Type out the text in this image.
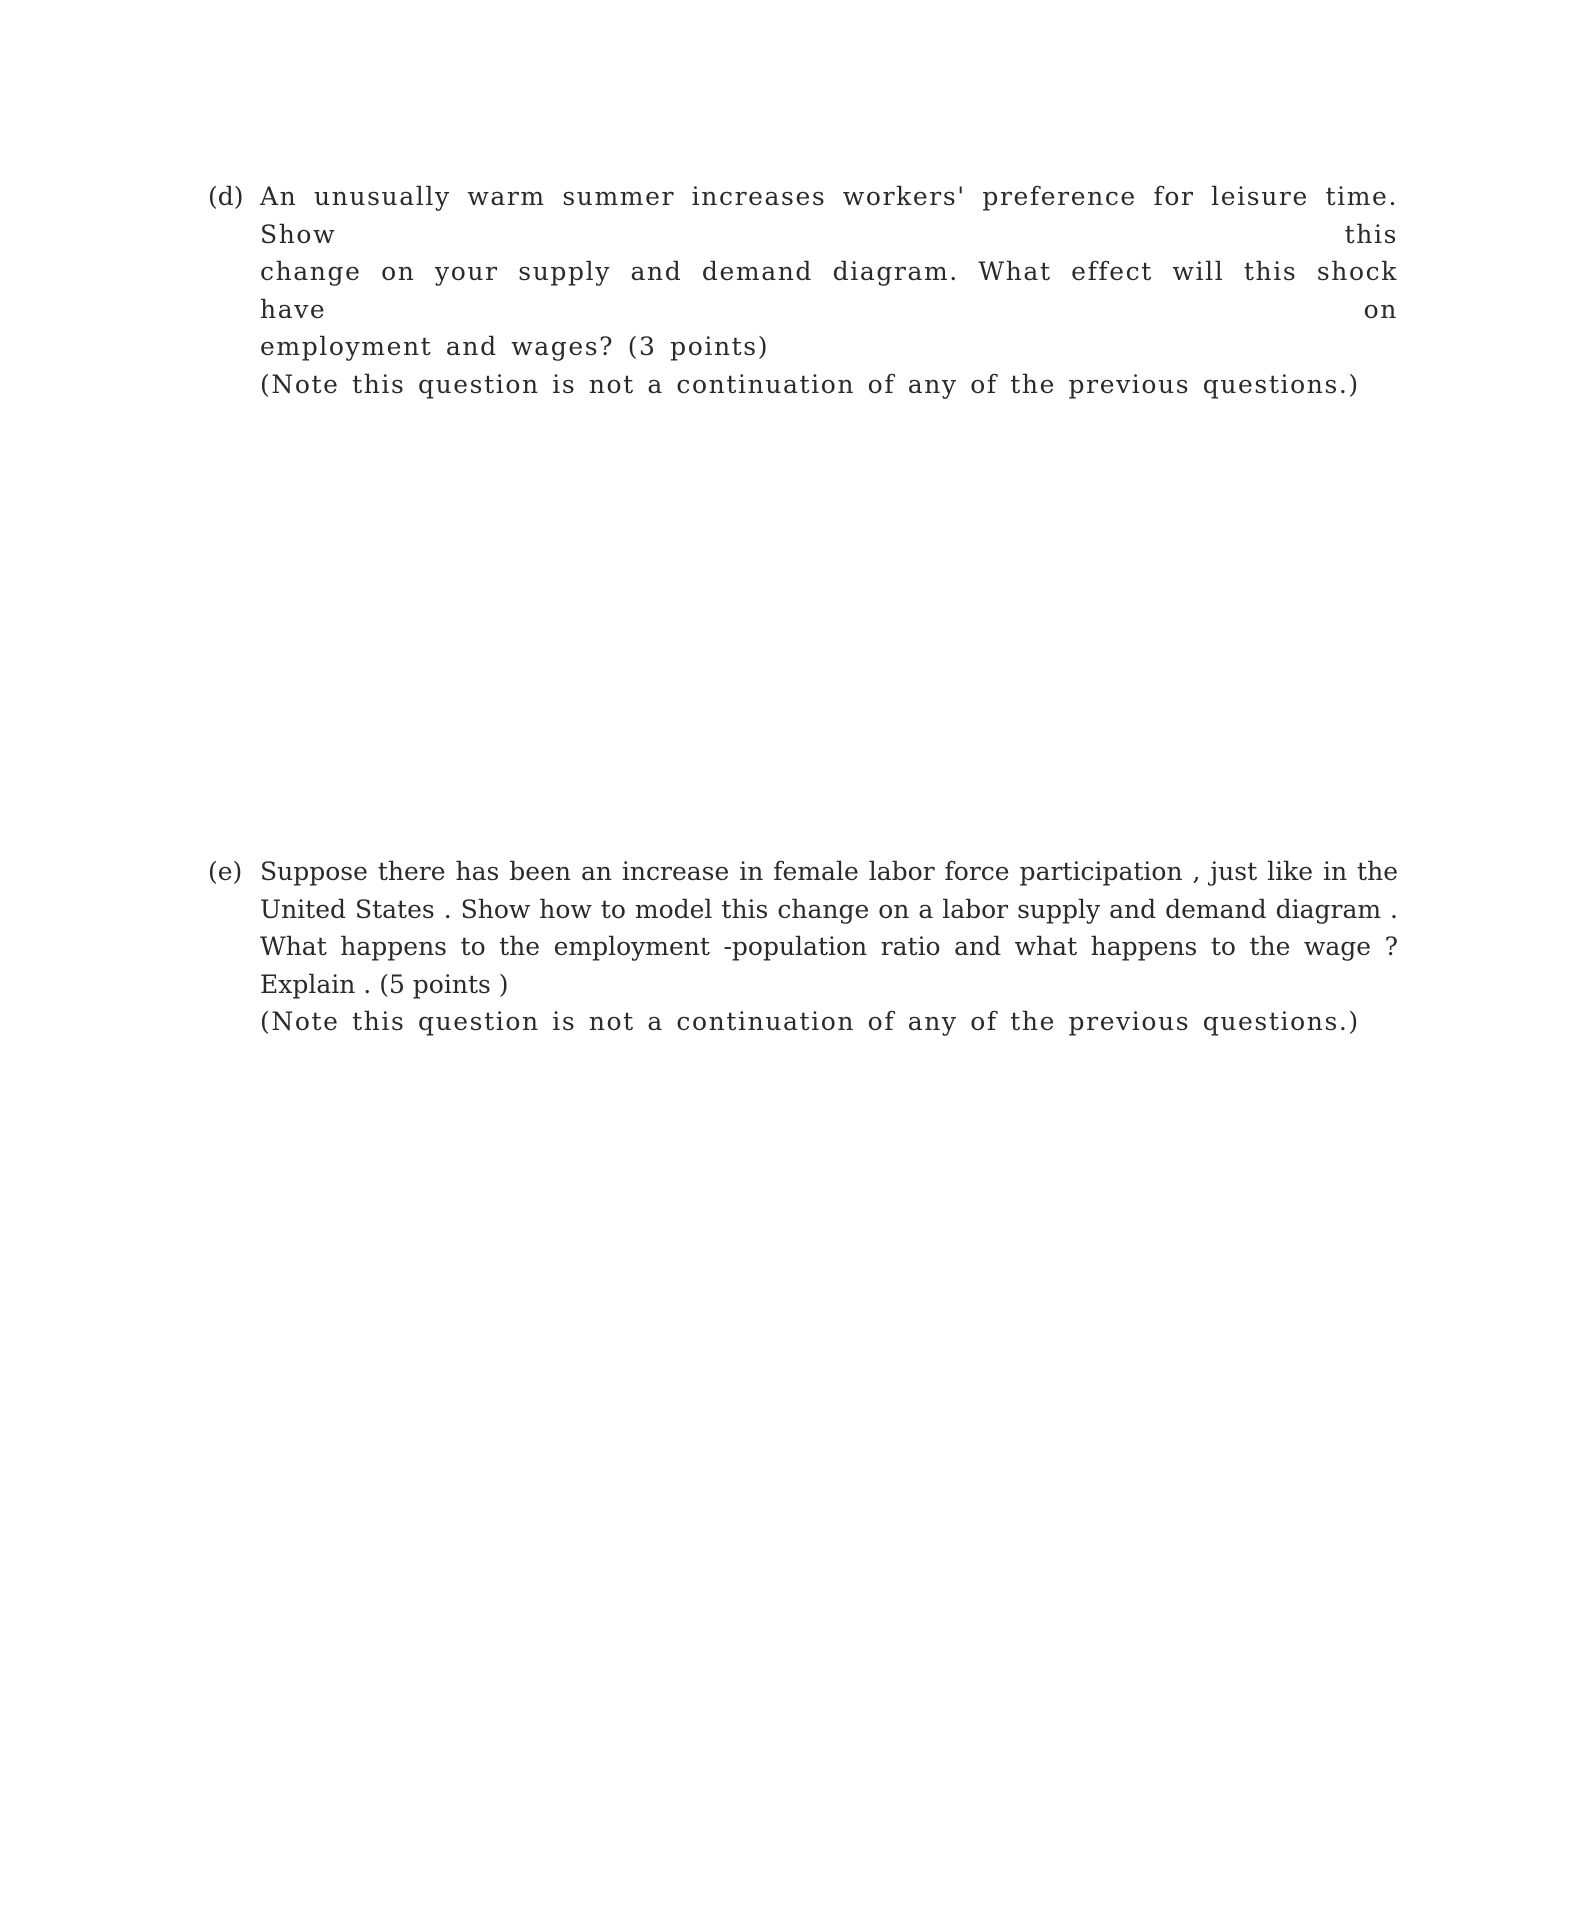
(d) An unusually warm summer increases workers' preference for leisure time. Show this
change on your supply and demand diagram. What effect will this shock have on
employment and wages? (3 points)
(Note this question is not a continuation of any of the previous questions.)
(e) Suppose there has been an increase in female labor force participation , just like in the
United States . Show how to model this change on a labor supply and demand diagram .
What happens to the employment -population ratio and what happens to the wage ?
Explain . (5 points )
(Note this question is not a continuation of any of the previous questions.)
